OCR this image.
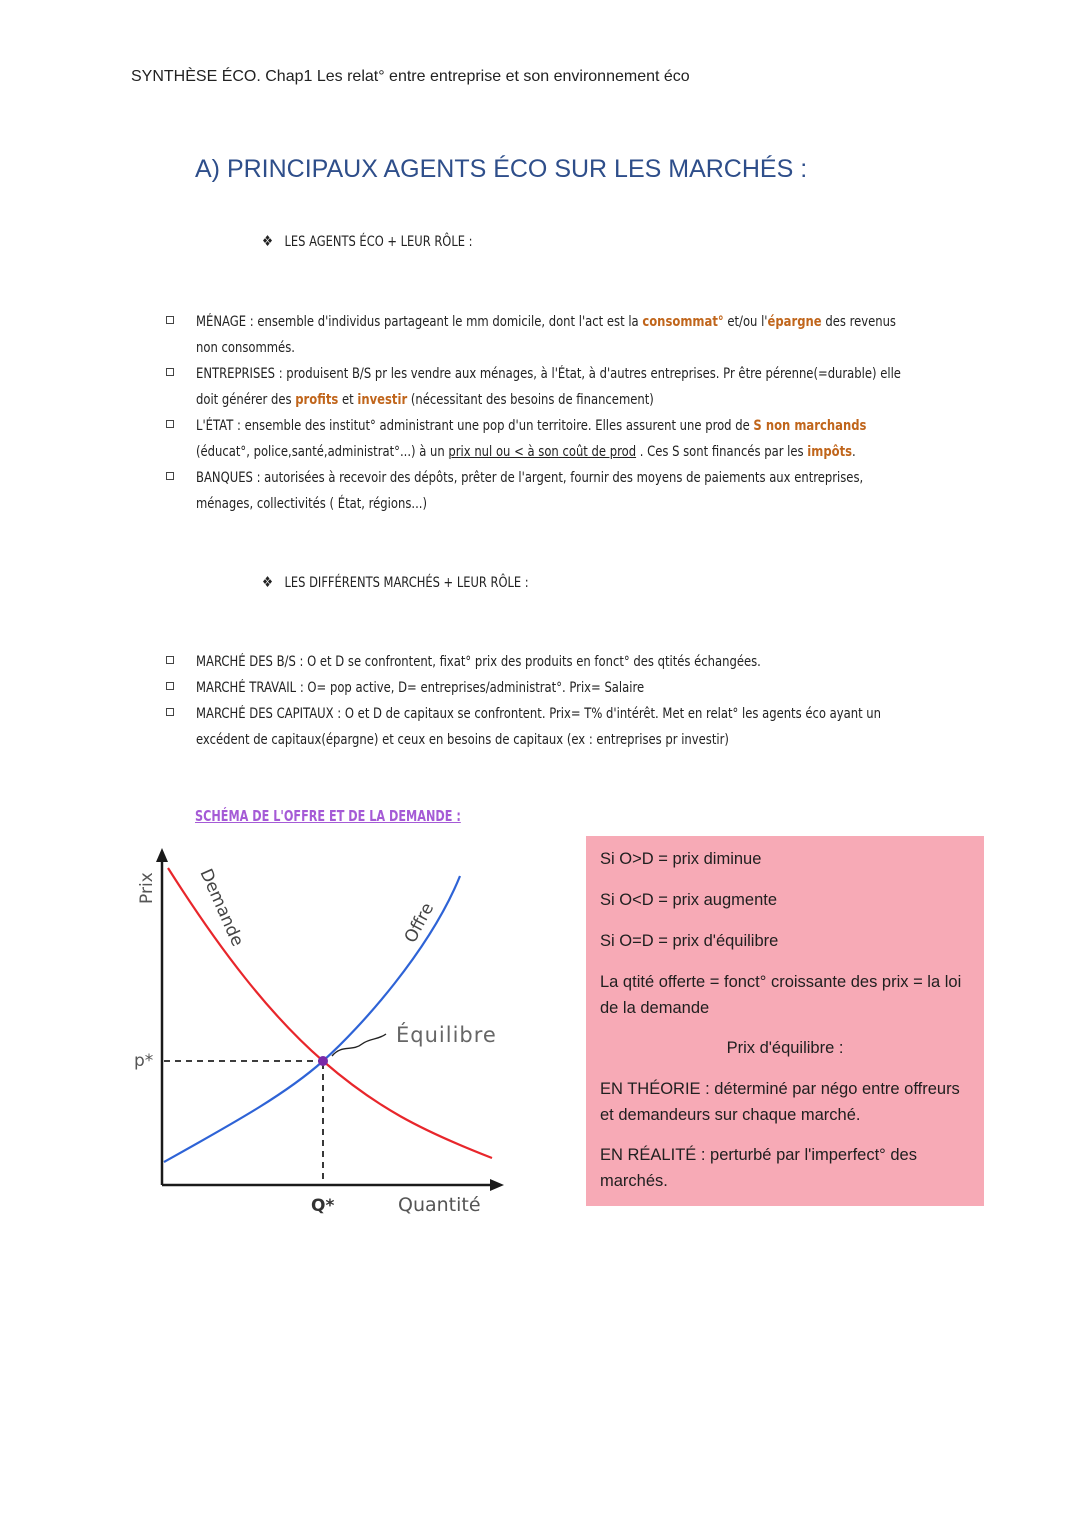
SYNTHÈSE ÉCO. Chap1 Les relat° entre entreprise et son environnement éco
A) PRINCIPAUX AGENTS ÉCO SUR LES MARCHÉS :
❖ LES AGENTS ÉCO + LEUR RÔLE :
MÉNAGE : ensemble d'individus partageant le mm domicile, dont l'act est la consommat° et/ou l'épargne des revenus non consommés.
ENTREPRISES : produisent B/S pr les vendre aux ménages, à l'État, à d'autres entreprises. Pr être pérenne(=durable) elle doit générer des profits et investir (nécessitant des besoins de financement)
L'ÉTAT : ensemble des institut° administrant une pop d'un territoire. Elles assurent une prod de S non marchands (éducat°, police,santé,administrat°...) à un prix nul ou < à son coût de prod . Ces S sont financés par les impôts.
BANQUES : autorisées à recevoir des dépôts, prêter de l'argent, fournir des moyens de paiements aux entreprises, ménages, collectivités ( État, régions...)
❖ LES DIFFÉRENTS MARCHÉS + LEUR RÔLE :
MARCHÉ DES B/S : O et D se confrontent, fixat° prix des produits en fonct° des qtités échangées.
MARCHÉ TRAVAIL : O= pop active, D= entreprises/administrat°. Prix= Salaire
MARCHÉ DES CAPITAUX : O et D de capitaux se confrontent. Prix= T% d'intérêt. Met en relat° les agents éco ayant un excédent de capitaux(épargne) et ceux en besoins de capitaux (ex : entreprises pr investir)
SCHÉMA DE L'OFFRE ET DE LA DEMANDE :
Équilibre
p*
Q*	Quantité
Prix Demande	Offre

Si O>D = prix diminue

Si O<D = prix augmente

Si O=D = prix d'équilibre

La qtité offerte = fonct° croissante des prix = la loi de la demande

Prix d'équilibre :

EN THÉORIE : déterminé par négo entre offreurs et demandeurs sur chaque marché.

EN RÉALITÉ : perturbé par l'imperfect° des marchés.
